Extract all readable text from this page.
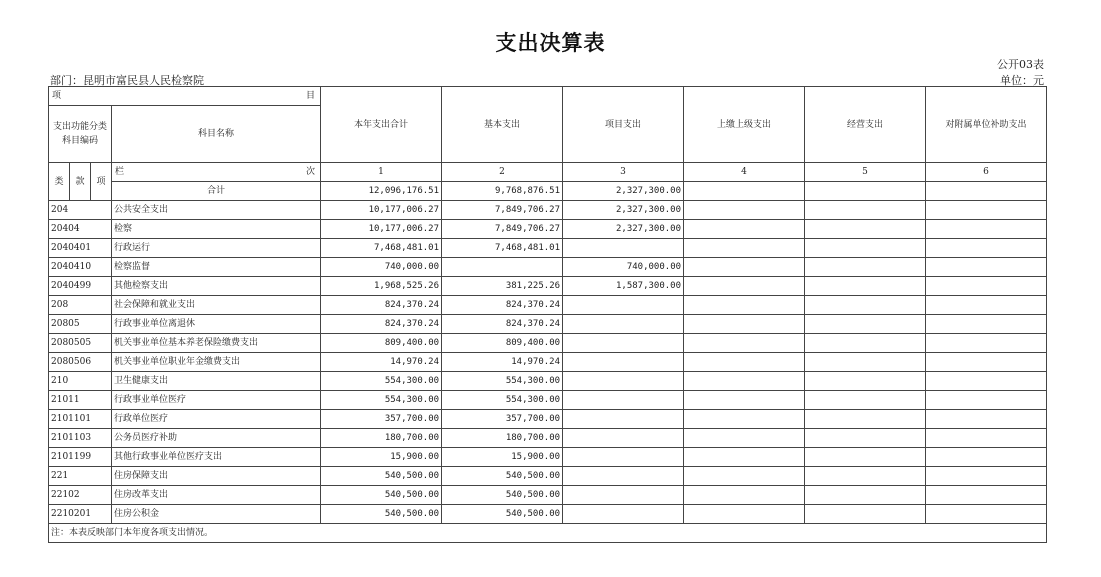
支出决算表
公开03表
部门：昆明市富民县人民检察院	单位：元
项 目				本年支出合计	基本支出	项目支出	上缴上级支出	经营支出	对附属单位补助支出

支出功能分类科目编码			科目名称						
类	款	项	栏 次	1	2	3	4	5	6
			合计	12,096,176.51	9,768,876.51	2,327,300.00			
204			公共安全支出	10,177,006.27	7,849,706.27	2,327,300.00			
20404			检察	10,177,006.27	7,849,706.27	2,327,300.00			
2040401			行政运行	7,468,481.01	7,468,481.01				
2040410			检察监督	740,000.00		740,000.00			
2040499			其他检察支出	1,968,525.26	381,225.26	1,587,300.00			
208			社会保障和就业支出	824,370.24	824,370.24				
20805			行政事业单位离退休	824,370.24	824,370.24				
2080505			机关事业单位基本养老保险缴费支出	809,400.00	809,400.00				
2080506			机关事业单位职业年金缴费支出	14,970.24	14,970.24				
210			卫生健康支出	554,300.00	554,300.00				
21011			行政事业单位医疗	554,300.00	554,300.00				
2101101			行政单位医疗	357,700.00	357,700.00				
2101103			公务员医疗补助	180,700.00	180,700.00				
2101199			其他行政事业单位医疗支出	15,900.00	15,900.00				
221			住房保障支出	540,500.00	540,500.00				
22102			住房改革支出	540,500.00	540,500.00				
2210201			住房公积金	540,500.00	540,500.00				
注：本表反映部门本年度各项支出情况。									
